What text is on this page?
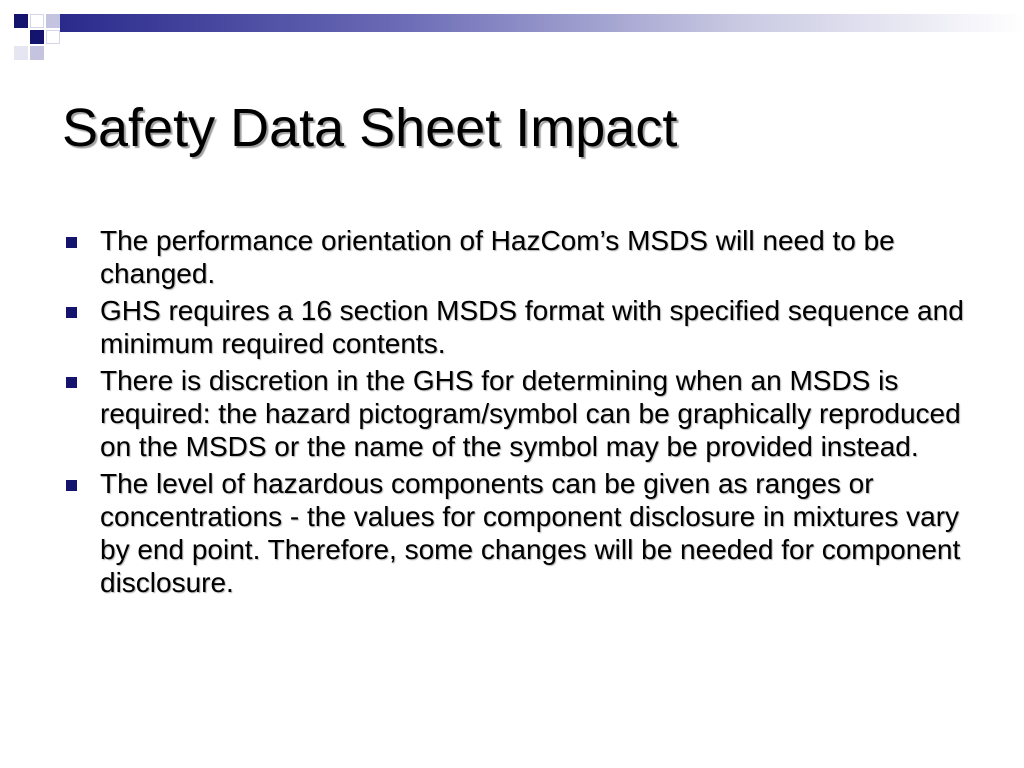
Safety Data Sheet Impact
The performance orientation of HazCom’s MSDS will need to be changed.
GHS requires a 16 section MSDS format with specified sequence and minimum required contents.
There is discretion in the GHS for determining when an MSDS is required: the hazard pictogram/symbol can be graphically reproduced on the MSDS or the name of the symbol may be provided instead.
The level of hazardous components can be given as ranges or concentrations - the values for component disclosure in mixtures vary by end point. Therefore, some changes will be needed for component disclosure.
